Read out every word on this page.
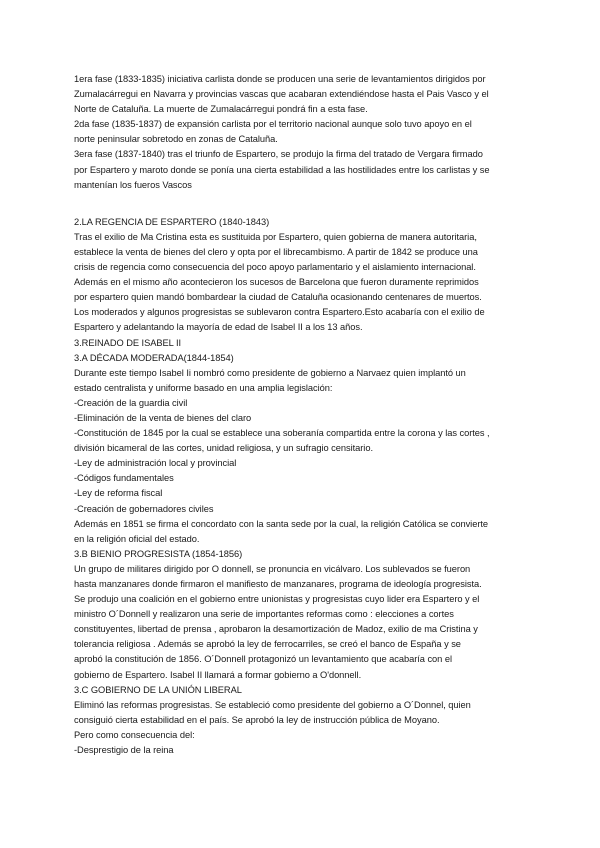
1era fase (1833-1835) iniciativa carlista donde se producen una serie de levantamientos dirigidos por
Zumalacárregui en Navarra y provincias vascas que acabaran extendiéndose hasta el Pais Vasco y el
Norte de Cataluña. La muerte de Zumalacárregui pondrá fin a esta fase.
2da fase (1835-1837) de expansión carlista por el territorio nacional aunque solo tuvo apoyo en el
norte peninsular sobretodo en zonas de Cataluña.
3era fase (1837-1840) tras el triunfo de Espartero, se produjo la firma del tratado de Vergara firmado
por Espartero y maroto donde se ponía una cierta estabilidad a las hostilidades entre los carlistas y se
mantenían los fueros Vascos
2.LA REGENCIA DE ESPARTERO (1840-1843)
Tras el exilio de Ma Cristina esta es sustituida por Espartero, quien gobierna de manera autoritaria,
establece la venta de bienes del clero y opta por el librecambismo. A partir de 1842 se produce una
crisis de regencia como consecuencia del poco apoyo parlamentario y el aislamiento internacional.
Además en el mismo año acontecieron los sucesos de Barcelona que fueron duramente reprimidos
por espartero quien mandó bombardear la ciudad de Cataluña ocasionando centenares de muertos.
Los moderados y algunos progresistas se sublevaron contra Espartero.Esto acabaría con el exilio de
Espartero y adelantando la mayoría de edad de Isabel II a los 13 años.
3.REINADO DE ISABEL II
3.A DÉCADA MODERADA(1844-1854)
Durante este tiempo Isabel Ii nombró como presidente de gobierno a Narvaez quien implantó un
estado centralista y uniforme basado en una amplia legislación:
-Creación de la guardia civil
-Eliminación de la venta de bienes del claro
-Constitución de 1845 por la cual se establece una soberanía compartida entre la corona y las cortes ,
división bicameral de las cortes, unidad religiosa, y un sufragio censitario.
-Ley de administración local y provincial
-Códigos fundamentales
-Ley de reforma fiscal
-Creación de gobernadores civiles
Además en 1851 se firma el concordato con la santa sede por la cual, la religión Católica se convierte
en la religión oficial del estado.
3.B BIENIO PROGRESISTA (1854-1856)
Un grupo de militares dirigido por O donnell, se pronuncia en vicálvaro. Los sublevados se fueron
hasta manzanares donde firmaron el manifiesto de manzanares, programa de ideología progresista.
Se produjo una coalición en el gobierno entre unionistas y progresistas cuyo lider era Espartero y el
ministro O´Donnell y realizaron una serie de importantes reformas como : elecciones a cortes
constituyentes, libertad de prensa , aprobaron la desamortización de Madoz, exilio de ma Cristina y
tolerancia religiosa . Además se aprobó la ley de ferrocarriles, se creó el banco de España y se
aprobó la constitución de 1856. O´Donnell protagonizó un levantamiento que acabaría con el
gobierno de Espartero. Isabel II llamará a formar gobierno a O'donnell.
3.C GOBIERNO DE LA UNIÓN LIBERAL
Eliminó las reformas progresistas. Se estableció como presidente del gobierno a O´Donnel, quien
consiguió cierta estabilidad en el país. Se aprobó la ley de instrucción pública de Moyano.
Pero como consecuencia del:
-Desprestigio de la reina
